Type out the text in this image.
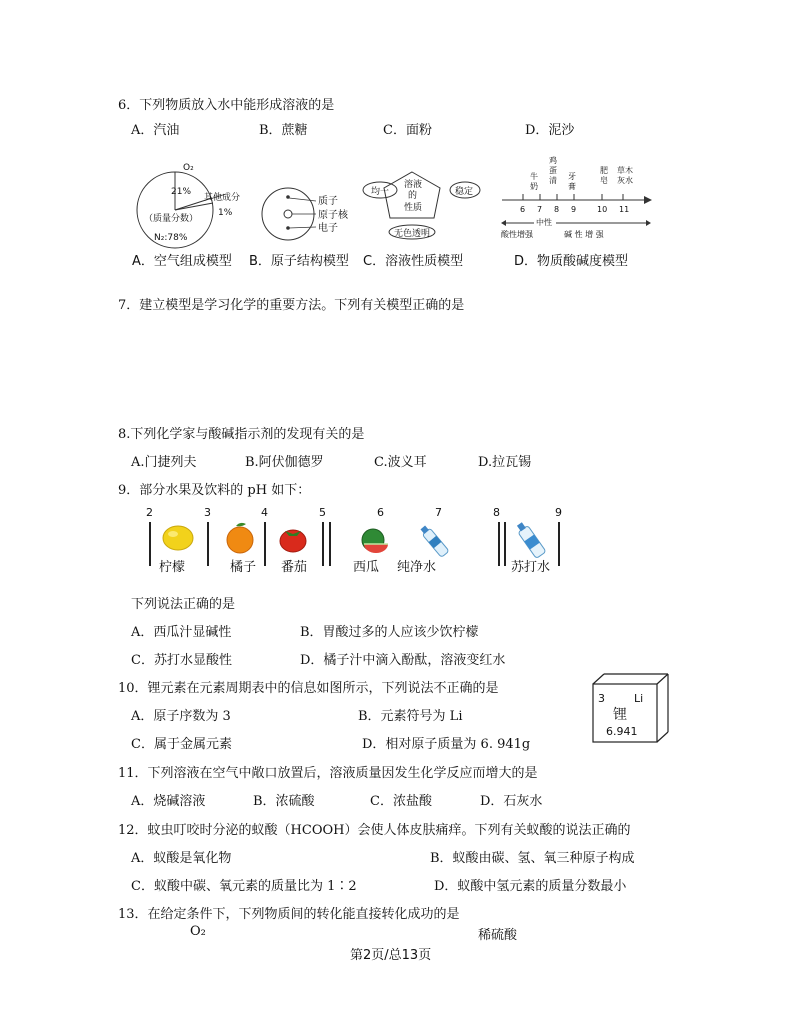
6．下列物质放入水中能形成溶液的是
A．汽油	B．蔗糖	C．面粉	D．泥沙
O₂
21%
其他成分
1%
（质量分数）
N₂:78%
A．空气组成模型
质子
原子核
电子
B．原子结构模型
均一	稳定
溶液
的
性质
无色透明
C．溶液性质模型
6 7 8 9	10 11
牛
奶
鸡
蛋
清 牙
膏
肥
皂
草木
灰水
中性
酸性增强	碱 性 增 强
D．物质酸碱度模型
7．建立模型是学习化学的重要方法。下列有关模型正确的是
8.下列化学家与酸碱指示剂的发现有关的是
A.门捷列夫	B.阿伏伽德罗	C.波义耳	D.拉瓦锡
9．部分水果及饮料的 pH 如下：
2	3	4	5	6	7	8	9
柠檬	橘子 番茄	西瓜 纯净水	苏打水
下列说法正确的是
A．西瓜汁显碱性	B．胃酸过多的人应该少饮柠檬
C．苏打水显酸性	D．橘子汁中滴入酚酞，溶液变红水
10．锂元素在元素周期表中的信息如图所示，下列说法不正确的是
A．原子序数为 3	B．元素符号为 Li
C．属于金属元素	D．相对原子质量为 6. 941g
3	Li
锂
6.941
11．下列溶液在空气中敞口放置后，溶液质量因发生化学反应而增大的是
A．烧碱溶液	B．浓硫酸	C．浓盐酸	D．石灰水
12．蚊虫叮咬时分泌的蚁酸（HCOOH）会使人体皮肤痛痒。下列有关蚁酸的说法正确的
A．蚁酸是氧化物	B．蚁酸由碳、氢、氧三种原子构成
C．蚁酸中碳、氧元素的质量比为 1∶2	D．蚁酸中氢元素的质量分数最小
13．在给定条件下，下列物质间的转化能直接转化成功的是
O₂	稀硫酸
第2页/总13页
